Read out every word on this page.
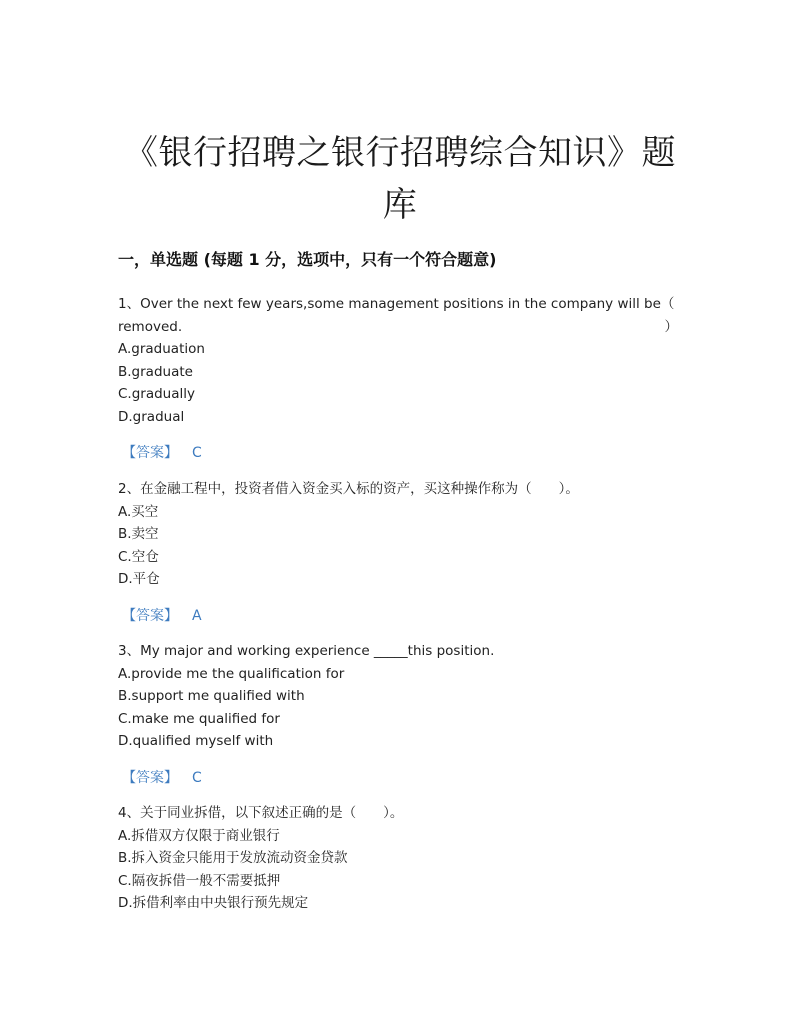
《银行招聘之银行招聘综合知识》题
库
一，单选题 (每题 1 分，选项中，只有一个符合题意)

1、Over the next few years,some management positions in the company will be（
）

removed.

A.graduation

B.graduate

C.gradually

D.gradual

【答案】 C

2、在金融工程中，投资者借入资金买入标的资产，买这种操作称为（　　）。

A.买空

B.卖空

C.空仓

D.平仓

【答案】 A

3、My major and working experience _____this position.

A.provide me the qualification for

B.support me qualified with

C.make me qualified for

D.qualified myself with

【答案】 C

4、关于同业拆借，以下叙述正确的是（　　）。

A.拆借双方仅限于商业银行

B.拆入资金只能用于发放流动资金贷款

C.隔夜拆借一般不需要抵押

D.拆借利率由中央银行预先规定
